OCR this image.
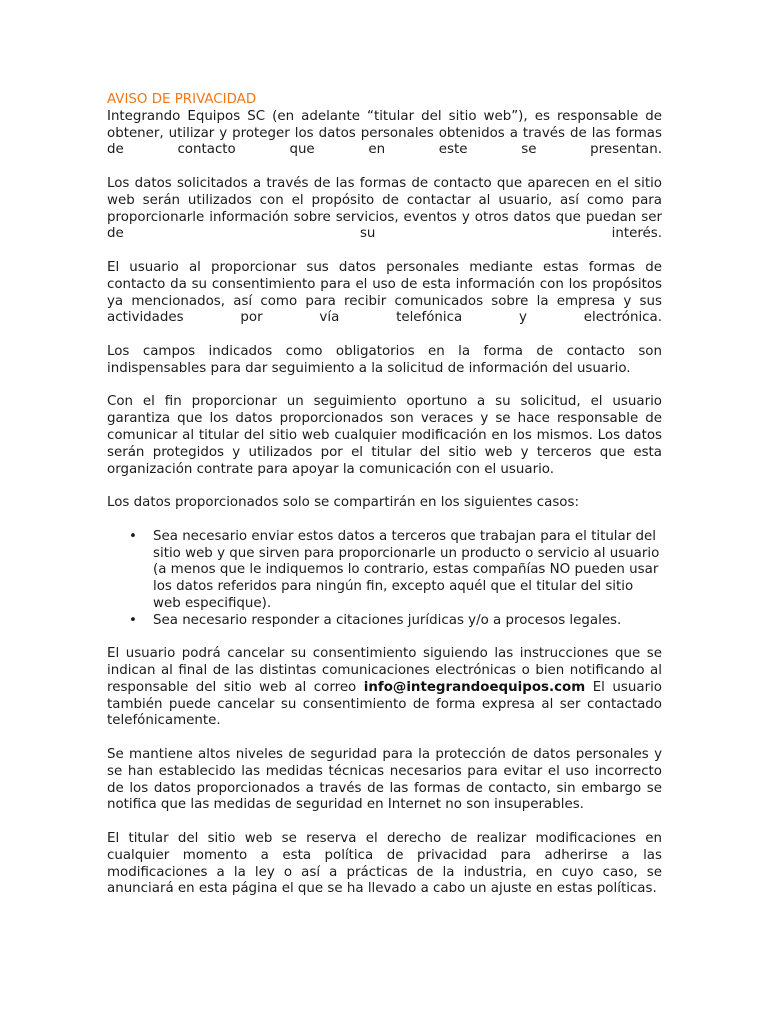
AVISO DE PRIVACIDAD

Integrando Equipos SC (en adelante “titular del sitio web”), es responsable de obtener, utilizar y proteger los datos personales obtenidos a través de las formas de contacto que en este se presentan.

Los datos solicitados a través de las formas de contacto que aparecen en el sitio web serán utilizados con el propósito de contactar al usuario, así como para proporcionarle información sobre servicios, eventos y otros datos que puedan ser de su interés.

El usuario al proporcionar sus datos personales mediante estas formas de contacto da su consentimiento para el uso de esta información con los propósitos ya mencionados, así como para recibir comunicados sobre la empresa y sus actividades por vía telefónica y electrónica.

Los campos indicados como obligatorios en la forma de contacto son indispensables para dar seguimiento a la solicitud de información del usuario.

Con el fin proporcionar un seguimiento oportuno a su solicitud, el usuario garantiza que los datos proporcionados son veraces y se hace responsable de comunicar al titular del sitio web cualquier modificación en los mismos. Los datos serán protegidos y utilizados por el titular del sitio web y terceros que esta organización contrate para apoyar la comunicación con el usuario.

Los datos proporcionados solo se compartirán en los siguientes casos:

• Sea necesario enviar estos datos a terceros que trabajan para el titular del sitio web y que sirven para proporcionarle un producto o servicio al usuario (a menos que le indiquemos lo contrario, estas compañías NO pueden usar los datos referidos para ningún fin, excepto aquél que el titular del sitio web especifique).
• Sea necesario responder a citaciones jurídicas y/o a procesos legales.

El usuario podrá cancelar su consentimiento siguiendo las instrucciones que se indican al final de las distintas comunicaciones electrónicas o bien notificando al responsable del sitio web al correo info@integrandoequipos.com El usuario también puede cancelar su consentimiento de forma expresa al ser contactado telefónicamente.

Se mantiene altos niveles de seguridad para la protección de datos personales y se han establecido las medidas técnicas necesarios para evitar el uso incorrecto de los datos proporcionados a través de las formas de contacto, sin embargo se notifica que las medidas de seguridad en Internet no son insuperables.

El titular del sitio web se reserva el derecho de realizar modificaciones en cualquier momento a esta política de privacidad para adherirse a las modificaciones a la ley o así a prácticas de la industria, en cuyo caso, se anunciará en esta página el que se ha llevado a cabo un ajuste en estas políticas.
